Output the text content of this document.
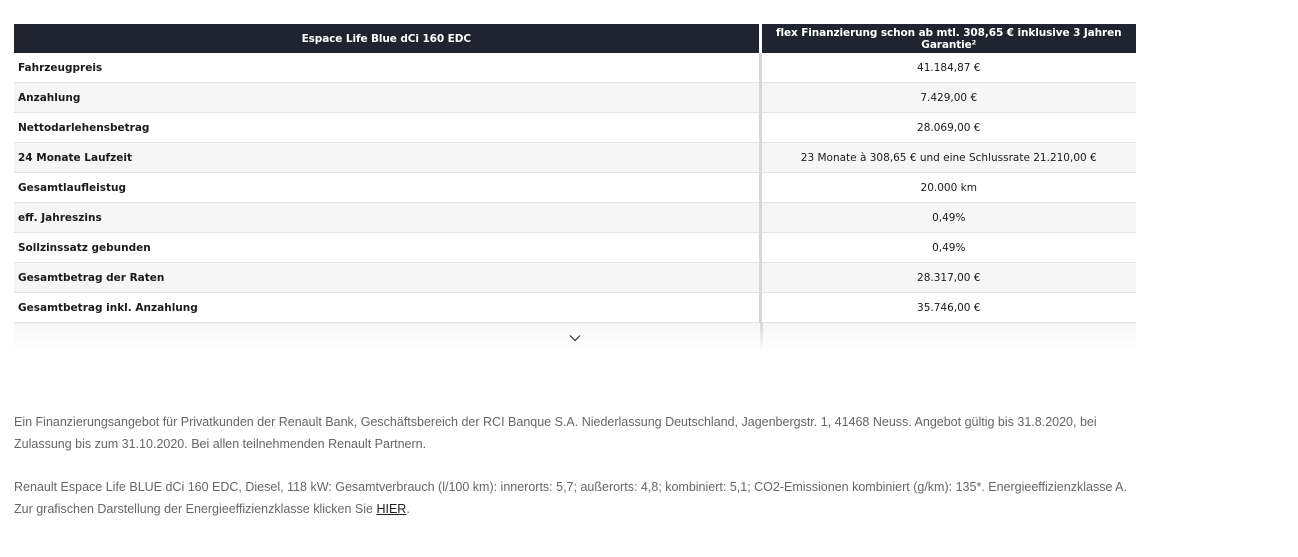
Espace Life Blue dCi 160 EDC	flex Finanzierung schon ab mtl. 308,65 € inklusive 3 Jahren Garantie²
Fahrzeugpreis	41.184,87 €
Anzahlung	7.429,00 €
Nettodarlehensbetrag	28.069,00 €
24 Monate Laufzeit	23 Monate à 308,65 € und eine Schlussrate 21.210,00 €
Gesamtlaufleistug	20.000 km
eff. Jahreszins	0,49%
Sollzinssatz gebunden	0,49%
Gesamtbetrag der Raten	28.317,00 €
Gesamtbetrag inkl. Anzahlung	35.746,00 €

Ein Finanzierungsangebot für Privatkunden der Renault Bank, Geschäftsbereich der RCI Banque S.A. Niederlassung Deutschland, Jagenbergstr. 1, 41468 Neuss. Angebot gültig bis 31.8.2020, bei Zulassung bis zum 31.10.2020. Bei allen teilnehmenden Renault Partnern.

Renault Espace Life BLUE dCi 160 EDC, Diesel, 118 kW: Gesamtverbrauch (l/100 km): innerorts: 5,7; außerorts: 4,8; kombiniert: 5,1; CO2-Emissionen kombiniert (g/km): 135*. Energieeffizienzklasse A. Zur grafischen Darstellung der Energieeffizienzklasse klicken Sie HIER.
